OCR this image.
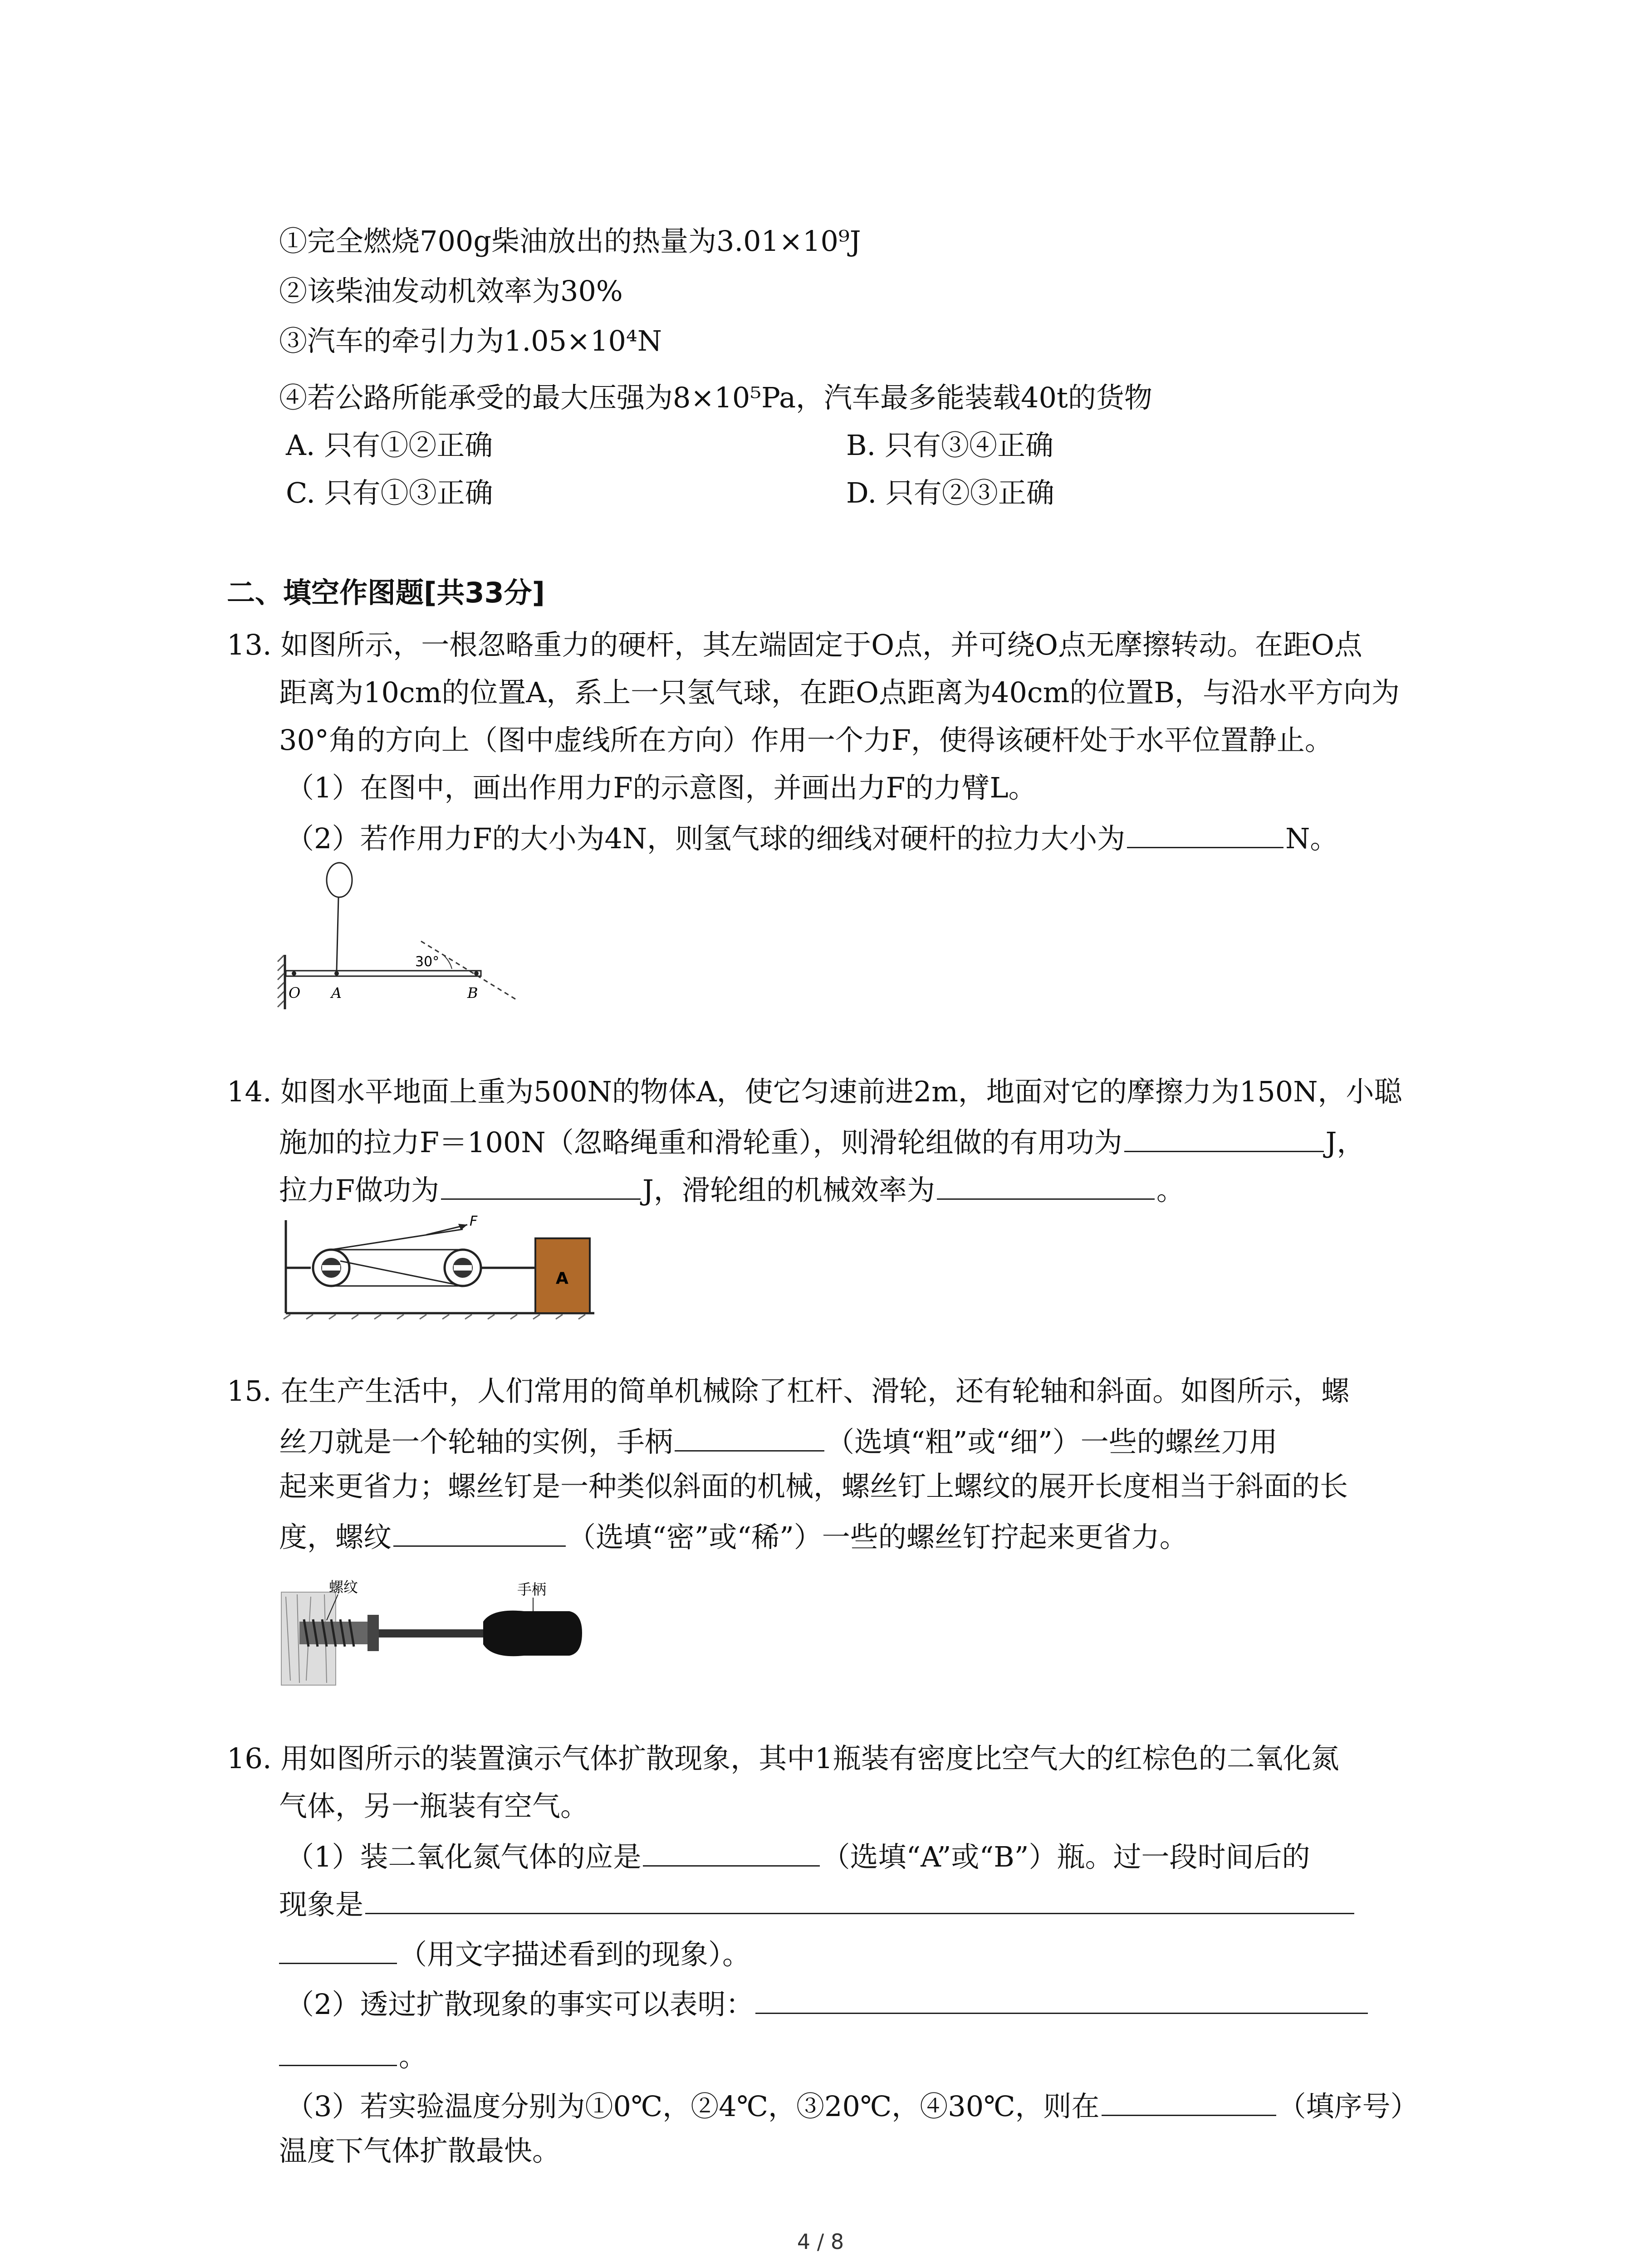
①完全燃烧700g柴油放出的热量为3.01×10⁹J
②该柴油发动机效率为30%
③汽车的牵引力为1.05×10⁴N
④若公路所能承受的最大压强为8×10⁵Pa，汽车最多能装载40t的货物
A. 只有①②正确	B. 只有③④正确
C. 只有①③正确	D. 只有②③正确
二、填空作图题[共33分]
13. 如图所示，一根忽略重力的硬杆，其左端固定于O点，并可绕O点无摩擦转动。在距O点
距离为10cm的位置A，系上一只氢气球，在距O点距离为40cm的位置B，与沿水平方向为
30°角的方向上（图中虚线所在方向）作用一个力F，使得该硬杆处于水平位置静止。
（1）在图中，画出作用力F的示意图，并画出力F的力臂L。
（2）若作用力F的大小为4N，则氢气球的细线对硬杆的拉力大小为	N。
30°
O A	B
14. 如图水平地面上重为500N的物体A，使它匀速前进2m，地面对它的摩擦力为150N，小聪
施加的拉力F＝100N（忽略绳重和滑轮重），则滑轮组做的有用功为	J，
拉力F做功为	J，滑轮组的机械效率为	。
F
A
15. 在生产生活中，人们常用的简单机械除了杠杆、滑轮，还有轮轴和斜面。如图所示，螺
丝刀就是一个轮轴的实例，手柄	（选填“粗”或“细”）一些的螺丝刀用
起来更省力；螺丝钉是一种类似斜面的机械，螺丝钉上螺纹的展开长度相当于斜面的长
度，螺纹	（选填“密”或“稀”）一些的螺丝钉拧起来更省力。
螺纹	手柄
16. 用如图所示的装置演示气体扩散现象，其中1瓶装有密度比空气大的红棕色的二氧化氮
气体，另一瓶装有空气。
（1）装二氧化氮气体的应是	（选填“A”或“B”）瓶。过一段时间后的
现象是
（用文字描述看到的现象）。
（2）透过扩散现象的事实可以表明：
。
（3）若实验温度分别为①0℃，②4℃，③20℃，④30℃，则在	（填序号）
温度下气体扩散最快。
4 / 8
